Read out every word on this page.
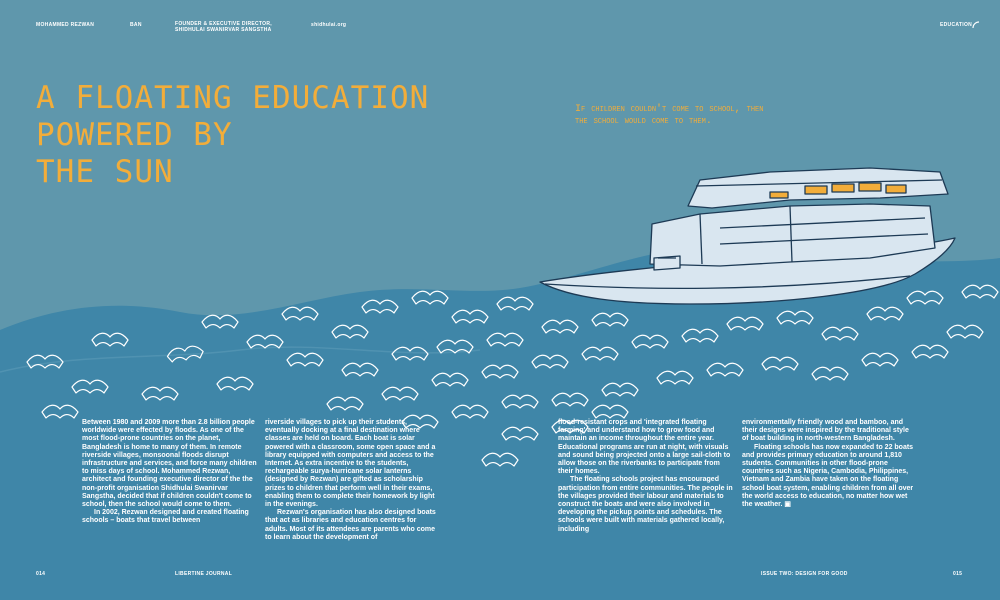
MOHAMMED REZWAN	BAN	FOUNDER & EXECUTIVE DIRECTOR,
SHIDHULAI SWANIRVAR SANGSTHA
shidhulai.org	EDUCATION
A FLOATING EDUCATION
POWERED BY
THE SUN
If children couldn't come to school, then the school would come to them.

Between 1980 and 2009 more than 2.8 billion people worldwide were effected by floods. As one of the most flood-prone countries on the planet, Bangladesh is home to many of them. In remote riverside villages, monsoonal floods disrupt infrastructure and services, and force many children to miss days of school. Mohammed Rezwan, architect and founding executive director of the the non-profit organisation Shidhulai Swanirvar Sangstha, decided that if children couldn't come to school, then the school would come to them.

In 2002, Rezwan designed and created floating schools – boats that travel between

riverside villages to pick up their students, eventually docking at a final destination where classes are held on board. Each boat is solar powered with a classroom, some open space and a library equipped with computers and access to the Internet. As extra incentive to the students, rechargeable surya-hurricane solar lanterns (designed by Rezwan) are gifted as scholarship prizes to children that perform well in their exams, enabling them to complete their homework by light in the evenings.

Rezwan's organisation has also designed boats that act as libraries and education centres for adults. Most of its attendees are parents who come to learn about the development of

flood-resistant crops and 'integrated floating farming' and understand how to grow food and maintain an income throughout the entire year. Educational programs are run at night, with visuals and sound being projected onto a large sail-cloth to allow those on the riverbanks to participate from their homes.

The floating schools project has encouraged participation from entire communities. The people in the villages provided their labour and materials to construct the boats and were also involved in developing the pickup points and schedules. The schools were built with materials gathered locally, including

environmentally friendly wood and bamboo, and their designs were inspired by the traditional style of boat building in north-western Bangladesh.

Floating schools has now expanded to 22 boats and provides primary education to around 1,810 students. Communities in other flood-prone countries such as Nigeria, Cambodia, Philippines, Vietnam and Zambia have taken on the floating school boat system, enabling children from all over the world access to education, no matter how wet the weather. ▣

014	LIBERTINE JOURNAL	ISSUE TWO: DESIGN FOR GOOD	015
